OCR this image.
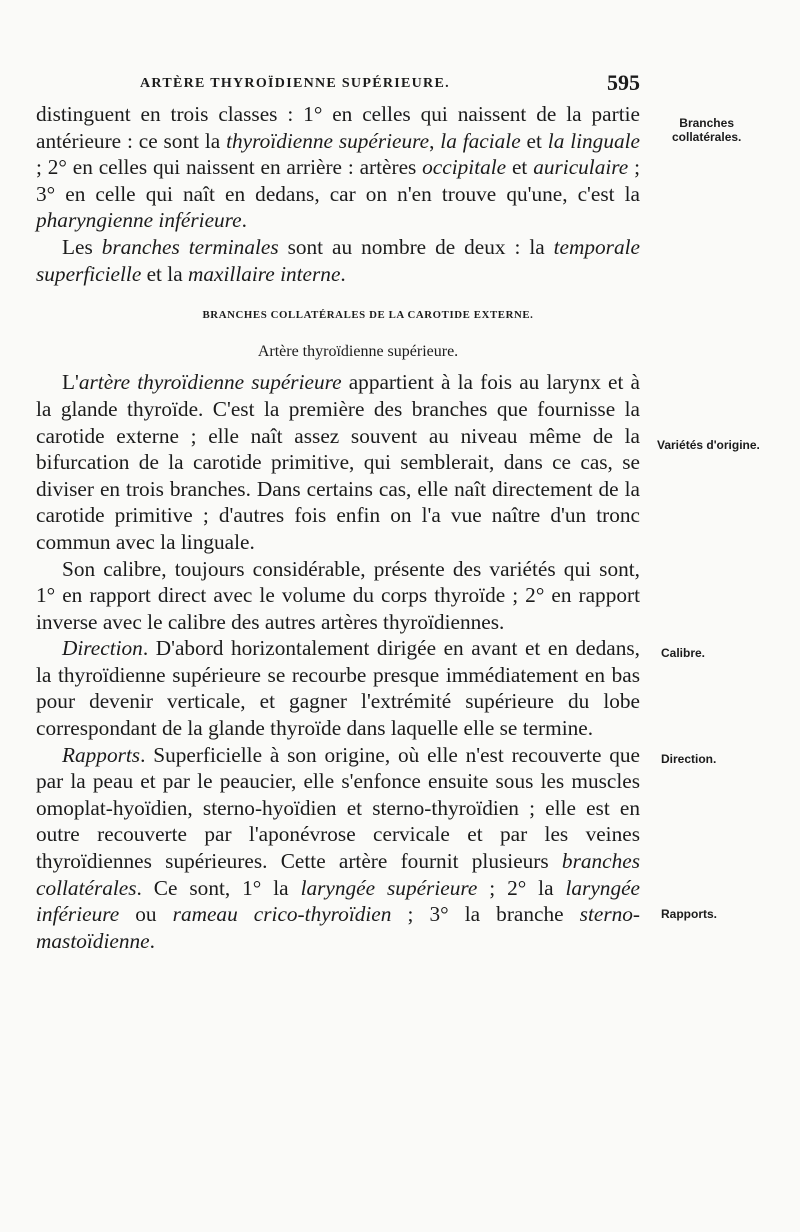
ARTÈRE THYROÏDIENNE SUPÉRIEURE.	595

distinguent en trois classes : 1° en celles qui naissent de la partie antérieure : ce sont la thyroïdienne supérieure, la faciale et la linguale ; 2° en celles qui naissent en arrière : artères occipitale et auriculaire ; 3° en celle qui naît en dedans, car on n'en trouve qu'une, c'est la pharyngienne inférieure.

Les branches terminales sont au nombre de deux : la temporale superficielle et la maxillaire interne.

BRANCHES COLLATÉRALES DE LA CAROTIDE EXTERNE.
Artère thyroïdienne supérieure.

L'artère thyroïdienne supérieure appartient à la fois au larynx et à la glande thyroïde. C'est la première des branches que fournisse la carotide externe ; elle naît assez souvent au niveau même de la bifurcation de la carotide primitive, qui semblerait, dans ce cas, se diviser en trois branches. Dans certains cas, elle naît directement de la carotide primitive ; d'autres fois enfin on l'a vue naître d'un tronc commun avec la linguale.

Son calibre, toujours considérable, présente des variétés qui sont, 1° en rapport direct avec le volume du corps thyroïde ; 2° en rapport inverse avec le calibre des autres artères thyroïdiennes.

Direction. D'abord horizontalement dirigée en avant et en dedans, la thyroïdienne supérieure se recourbe presque immédiatement en bas pour devenir verticale, et gagner l'extrémité supérieure du lobe correspondant de la glande thyroïde dans laquelle elle se termine.

Rapports. Superficielle à son origine, où elle n'est recouverte que par la peau et par le peaucier, elle s'enfonce ensuite sous les muscles omoplat-hyoïdien, sterno-hyoïdien et sterno-thyroïdien ; elle est en outre recouverte par l'aponévrose cervicale et par les veines thyroïdiennes supérieures. Cette artère fournit plusieurs branches collatérales. Ce sont, 1° la laryngée supérieure ; 2° la laryngée inférieure ou rameau crico-thyroïdien ; 3° la branche sterno-mastoïdienne.

Branches
collatérales.
Variétés d'origine.
Calibre.
Direction.
Rapports.
